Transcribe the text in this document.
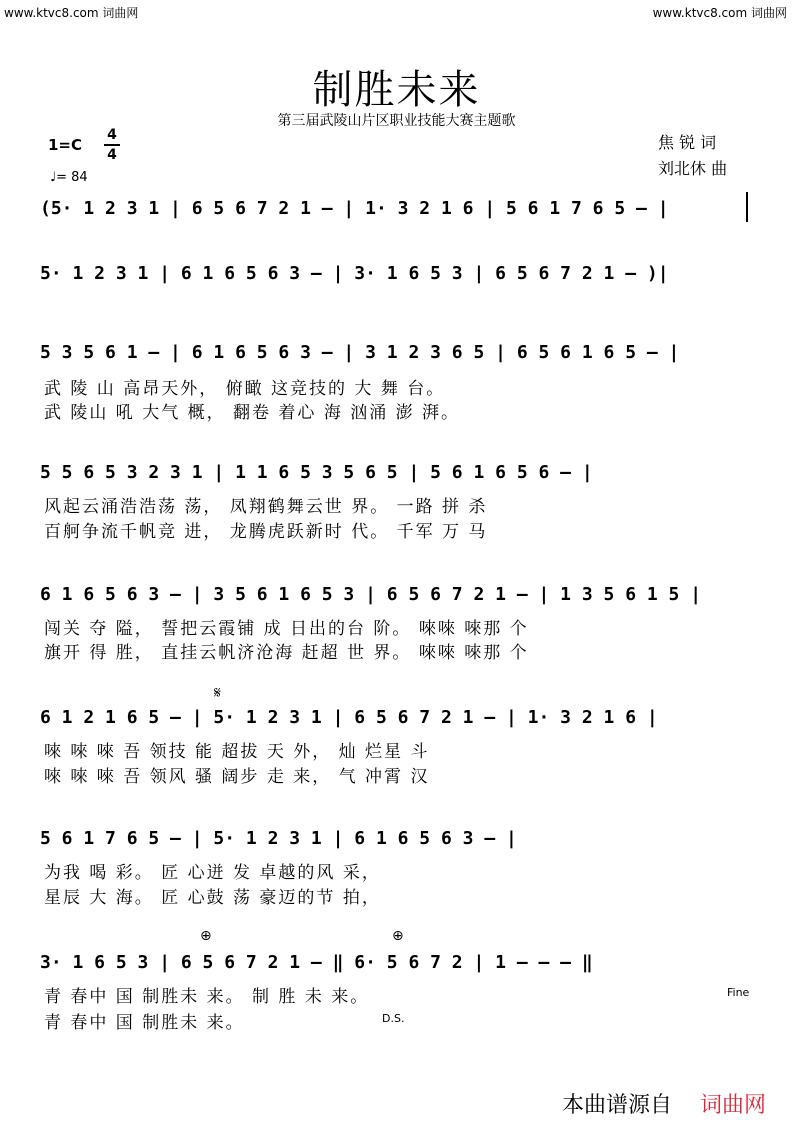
www.ktvc8.com 词曲网	www.ktvc8.com 词曲网
制胜未来
第三届武陵山片区职业技能大赛主题歌
1=C
4
4
♩= 84
焦 锐 词
刘北休 曲
(5· 1 2 3 1 | 6 5 6 7 2 1 – | 1· 3 2 1 6 | 5 6 1 7 6 5 – |
5· 1 2 3 1 | 6 1 6 5 6 3 – | 3· 1 6 5 3 | 6 5 6 7 2 1 – )|
5 3 5 6 1 – | 6 1 6 5 6 3 – | 3 1 2 3 6 5 | 6 5 6 1 6 5 – |
武 陵 山 高昂天外， 俯瞰 这竞技的 大 舞 台。
武 陵山 吼 大气 概， 翻卷 着心 海 汹涌 澎 湃。
5 5 6 5 3 2 3 1 | 1 1 6 5 3 5 6 5 | 5 6 1 6 5 6 – |
风起云涌浩浩荡 荡， 凤翔鹤舞云世 界。 一路 拼 杀
百舸争流千帆竞 进， 龙腾虎跃新时 代。 千军 万 马
6 1 6 5 6 3 – | 3 5 6 1 6 5 3 | 6 5 6 7 2 1 – | 1 3 5 6 1 5 |
闯关 夺 隘， 誓把云霞铺 成 日出的台 阶。 唻唻 唻那 个
旗开 得 胜， 直挂云帆济沧海 赶超 世 界。 唻唻 唻那 个
𝄋
6 1 2 1 6 5 – | 5· 1 2 3 1 | 6 5 6 7 2 1 – | 1· 3 2 1 6 |
唻 唻 唻 吾 领技 能 超拔 天 外， 灿 烂星 斗
唻 唻 唻 吾 领风 骚 阔步 走 来， 气 冲霄 汉
5 6 1 7 6 5 – | 5· 1 2 3 1 | 6 1 6 5 6 3 – |
为我 喝 彩。 匠 心迸 发 卓越的风 采，
星辰 大 海。 匠 心鼓 荡 豪迈的节 拍，
⊕	⊕
3· 1 6 5 3 | 6 5 6 7 2 1 – ‖ 6· 5 6 7 2 | 1 – – – ‖
青 春中 国 制胜未 来。 制 胜 未 来。
青 春中 国 制胜未 来。
Fine
D.S.
本曲谱源自 词曲网
